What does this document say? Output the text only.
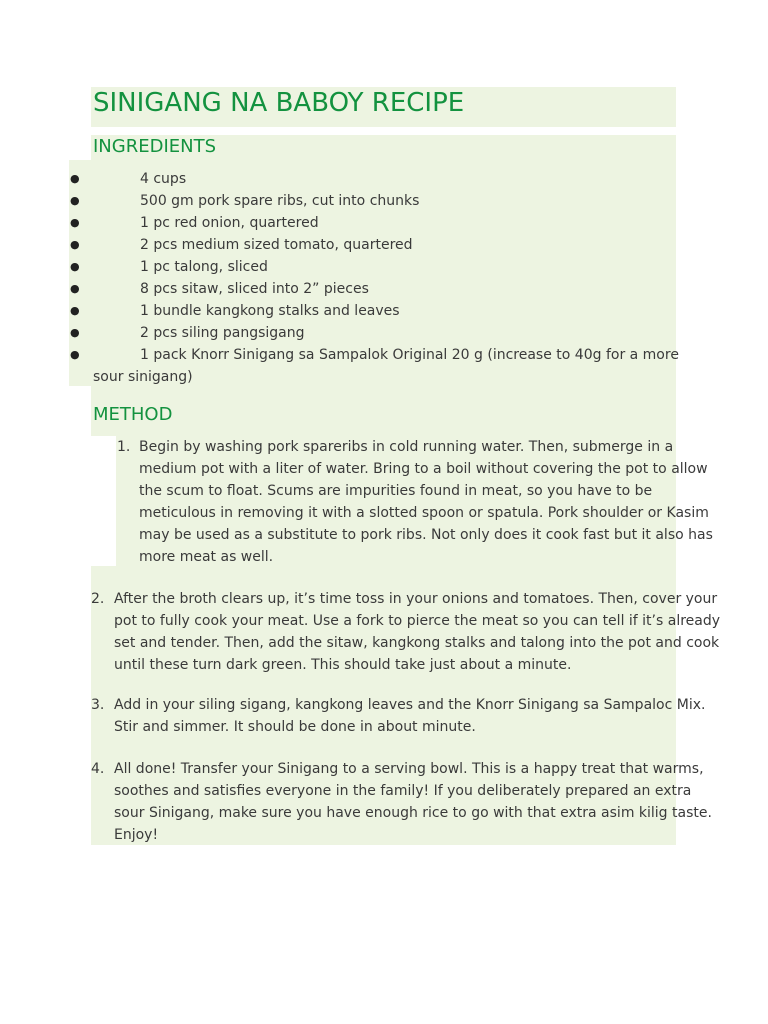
SINIGANG NA BABOY RECIPE
INGREDIENTS
●	4 cups
●	500 gm pork spare ribs, cut into chunks
●	1 pc red onion, quartered
●	2 pcs medium sized tomato, quartered
●	1 pc talong, sliced
●	8 pcs sitaw, sliced into 2” pieces
●	1 bundle kangkong stalks and leaves
●	2 pcs siling pangsigang
●	1 pack Knorr Sinigang sa Sampalok Original 20 g (increase to 40g for a more
sour sinigang)
METHOD
1. Begin by washing pork spareribs in cold running water. Then, submerge in a
medium pot with a liter of water. Bring to a boil without covering the pot to allow
the scum to float. Scums are impurities found in meat, so you have to be
meticulous in removing it with a slotted spoon or spatula. Pork shoulder or Kasim
may be used as a substitute to pork ribs. Not only does it cook fast but it also has
more meat as well.
2. After the broth clears up, it’s time toss in your onions and tomatoes. Then, cover your
pot to fully cook your meat. Use a fork to pierce the meat so you can tell if it’s already
set and tender. Then, add the sitaw, kangkong stalks and talong into the pot and cook
until these turn dark green. This should take just about a minute.
3. Add in your siling sigang, kangkong leaves and the Knorr Sinigang sa Sampaloc Mix.
Stir and simmer. It should be done in about minute.
4. All done! Transfer your Sinigang to a serving bowl. This is a happy treat that warms,
soothes and satisfies everyone in the family! If you deliberately prepared an extra
sour Sinigang, make sure you have enough rice to go with that extra asim kilig taste.
Enjoy!
